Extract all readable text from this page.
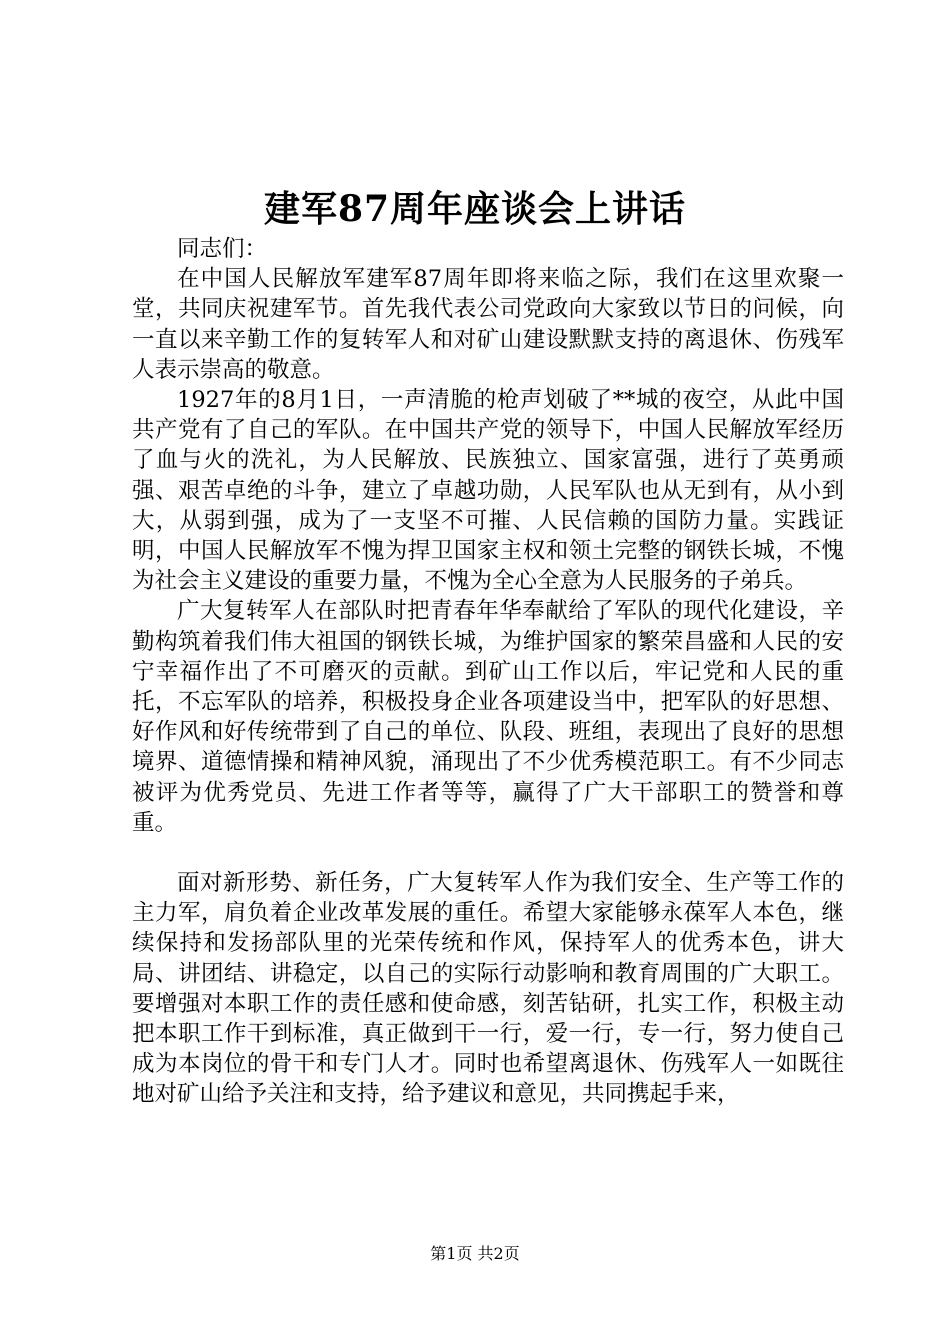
建军87周年座谈会上讲话

同志们：

在中国人民解放军建军87周年即将来临之际，我们在这里欢聚一堂，共同庆祝建军节。首先我代表公司党政向大家致以节日的问候，向一直以来辛勤工作的复转军人和对矿山建设默默支持的离退休、伤残军人表示崇高的敬意。

1927年的8月1日，一声清脆的枪声划破了**城的夜空，从此中国共产党有了自己的军队。在中国共产党的领导下，中国人民解放军经历了血与火的洗礼，为人民解放、民族独立、国家富强，进行了英勇顽强、艰苦卓绝的斗争，建立了卓越功勋，人民军队也从无到有，从小到大，从弱到强，成为了一支坚不可摧、人民信赖的国防力量。实践证明，中国人民解放军不愧为捍卫国家主权和领土完整的钢铁长城，不愧为社会主义建设的重要力量，不愧为全心全意为人民服务的子弟兵。

广大复转军人在部队时把青春年华奉献给了军队的现代化建设，辛勤构筑着我们伟大祖国的钢铁长城，为维护国家的繁荣昌盛和人民的安宁幸福作出了不可磨灭的贡献。到矿山工作以后，牢记党和人民的重托，不忘军队的培养，积极投身企业各项建设当中，把军队的好思想、好作风和好传统带到了自己的单位、队段、班组，表现出了良好的思想境界、道德情操和精神风貌，涌现出了不少优秀模范职工。有不少同志被评为优秀党员、先进工作者等等，赢得了广大干部职工的赞誉和尊重。

面对新形势、新任务，广大复转军人作为我们安全、生产等工作的主力军，肩负着企业改革发展的重任。希望大家能够永葆军人本色，继续保持和发扬部队里的光荣传统和作风，保持军人的优秀本色，讲大局、讲团结、讲稳定，以自己的实际行动影响和教育周围的广大职工。要增强对本职工作的责任感和使命感，刻苦钻研，扎实工作，积极主动把本职工作干到标准，真正做到干一行，爱一行，专一行，努力使自己成为本岗位的骨干和专门人才。同时也希望离退休、伤残军人一如既往地对矿山给予关注和支持，给予建议和意见，共同携起手来，

第1页 共2页
